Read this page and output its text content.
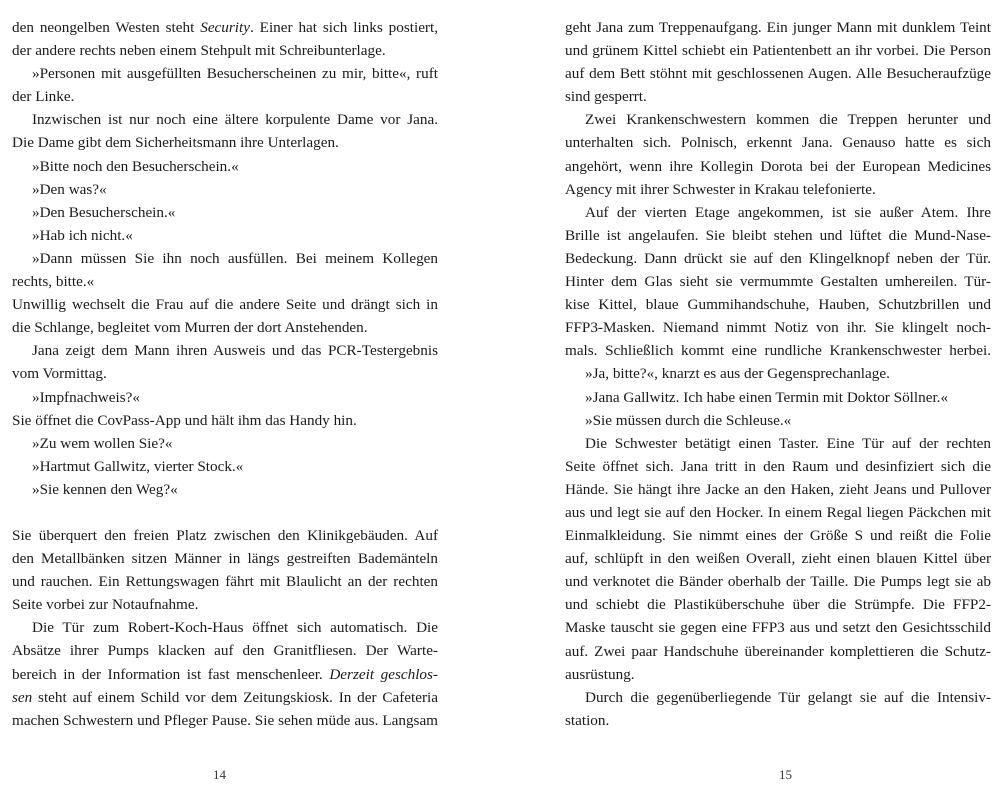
den neongelben Westen steht Security. Einer hat sich links postiert,
der andere rechts neben einem Stehpult mit Schreibunterlage.
»Personen mit ausgefüllten Besucherscheinen zu mir, bitte«, ruft
der Linke.
Inzwischen ist nur noch eine ältere korpulente Dame vor Jana.
Die Dame gibt dem Sicherheitsmann ihre Unterlagen.
»Bitte noch den Besucherschein.«
»Den was?«
»Den Besucherschein.«
»Hab ich nicht.«
»Dann müssen Sie ihn noch ausfüllen. Bei meinem Kollegen
rechts, bitte.«
Unwillig wechselt die Frau auf die andere Seite und drängt sich in
die Schlange, begleitet vom Murren der dort Anstehenden.
Jana zeigt dem Mann ihren Ausweis und das PCR-Testergebnis
vom Vormittag.
»Impfnachweis?«
Sie öffnet die CovPass-App und hält ihm das Handy hin.
»Zu wem wollen Sie?«
»Hartmut Gallwitz, vierter Stock.«
»Sie kennen den Weg?«
Sie überquert den freien Platz zwischen den Klinikgebäuden. Auf
den Metallbänken sitzen Männer in längs gestreiften Bademänteln
und rauchen. Ein Rettungswagen fährt mit Blaulicht an der rechten
Seite vorbei zur Notaufnahme.
Die Tür zum Robert-Koch-Haus öffnet sich automatisch. Die
Absätze ihrer Pumps klacken auf den Granitfliesen. Der Warte-
bereich in der Information ist fast menschenleer. Derzeit geschlos-
sen steht auf einem Schild vor dem Zeitungskiosk. In der Cafeteria
machen Schwestern und Pfleger Pause. Sie sehen müde aus. Langsam
14
geht Jana zum Treppenaufgang. Ein junger Mann mit dunklem Teint
und grünem Kittel schiebt ein Patientenbett an ihr vorbei. Die Person
auf dem Bett stöhnt mit geschlossenen Augen. Alle Besucheraufzüge
sind gesperrt.
Zwei Krankenschwestern kommen die Treppen herunter und
unterhalten sich. Polnisch, erkennt Jana. Genauso hatte es sich
angehört, wenn ihre Kollegin Dorota bei der European Medicines
Agency mit ihrer Schwester in Krakau telefonierte.
Auf der vierten Etage angekommen, ist sie außer Atem. Ihre
Brille ist angelaufen. Sie bleibt stehen und lüftet die Mund-Nase-
Bedeckung. Dann drückt sie auf den Klingelknopf neben der Tür.
Hinter dem Glas sieht sie vermummte Gestalten umhereilen. Tür-
kise Kittel, blaue Gummihandschuhe, Hauben, Schutzbrillen und
FFP3-Masken. Niemand nimmt Notiz von ihr. Sie klingelt noch-
mals. Schließlich kommt eine rundliche Krankenschwester herbei.
»Ja, bitte?«, knarzt es aus der Gegensprechanlage.
»Jana Gallwitz. Ich habe einen Termin mit Doktor Söllner.«
»Sie müssen durch die Schleuse.«
Die Schwester betätigt einen Taster. Eine Tür auf der rechten
Seite öffnet sich. Jana tritt in den Raum und desinfiziert sich die
Hände. Sie hängt ihre Jacke an den Haken, zieht Jeans und Pullover
aus und legt sie auf den Hocker. In einem Regal liegen Päckchen mit
Einmalkleidung. Sie nimmt eines der Größe S und reißt die Folie
auf, schlüpft in den weißen Overall, zieht einen blauen Kittel über
und verknotet die Bänder oberhalb der Taille. Die Pumps legt sie ab
und schiebt die Plastiküberschuhe über die Strümpfe. Die FFP2-
Maske tauscht sie gegen eine FFP3 aus und setzt den Gesichtsschild
auf. Zwei paar Handschuhe übereinander komplettieren die Schutz-
ausrüstung.
Durch die gegenüberliegende Tür gelangt sie auf die Intensiv-
station.
15
